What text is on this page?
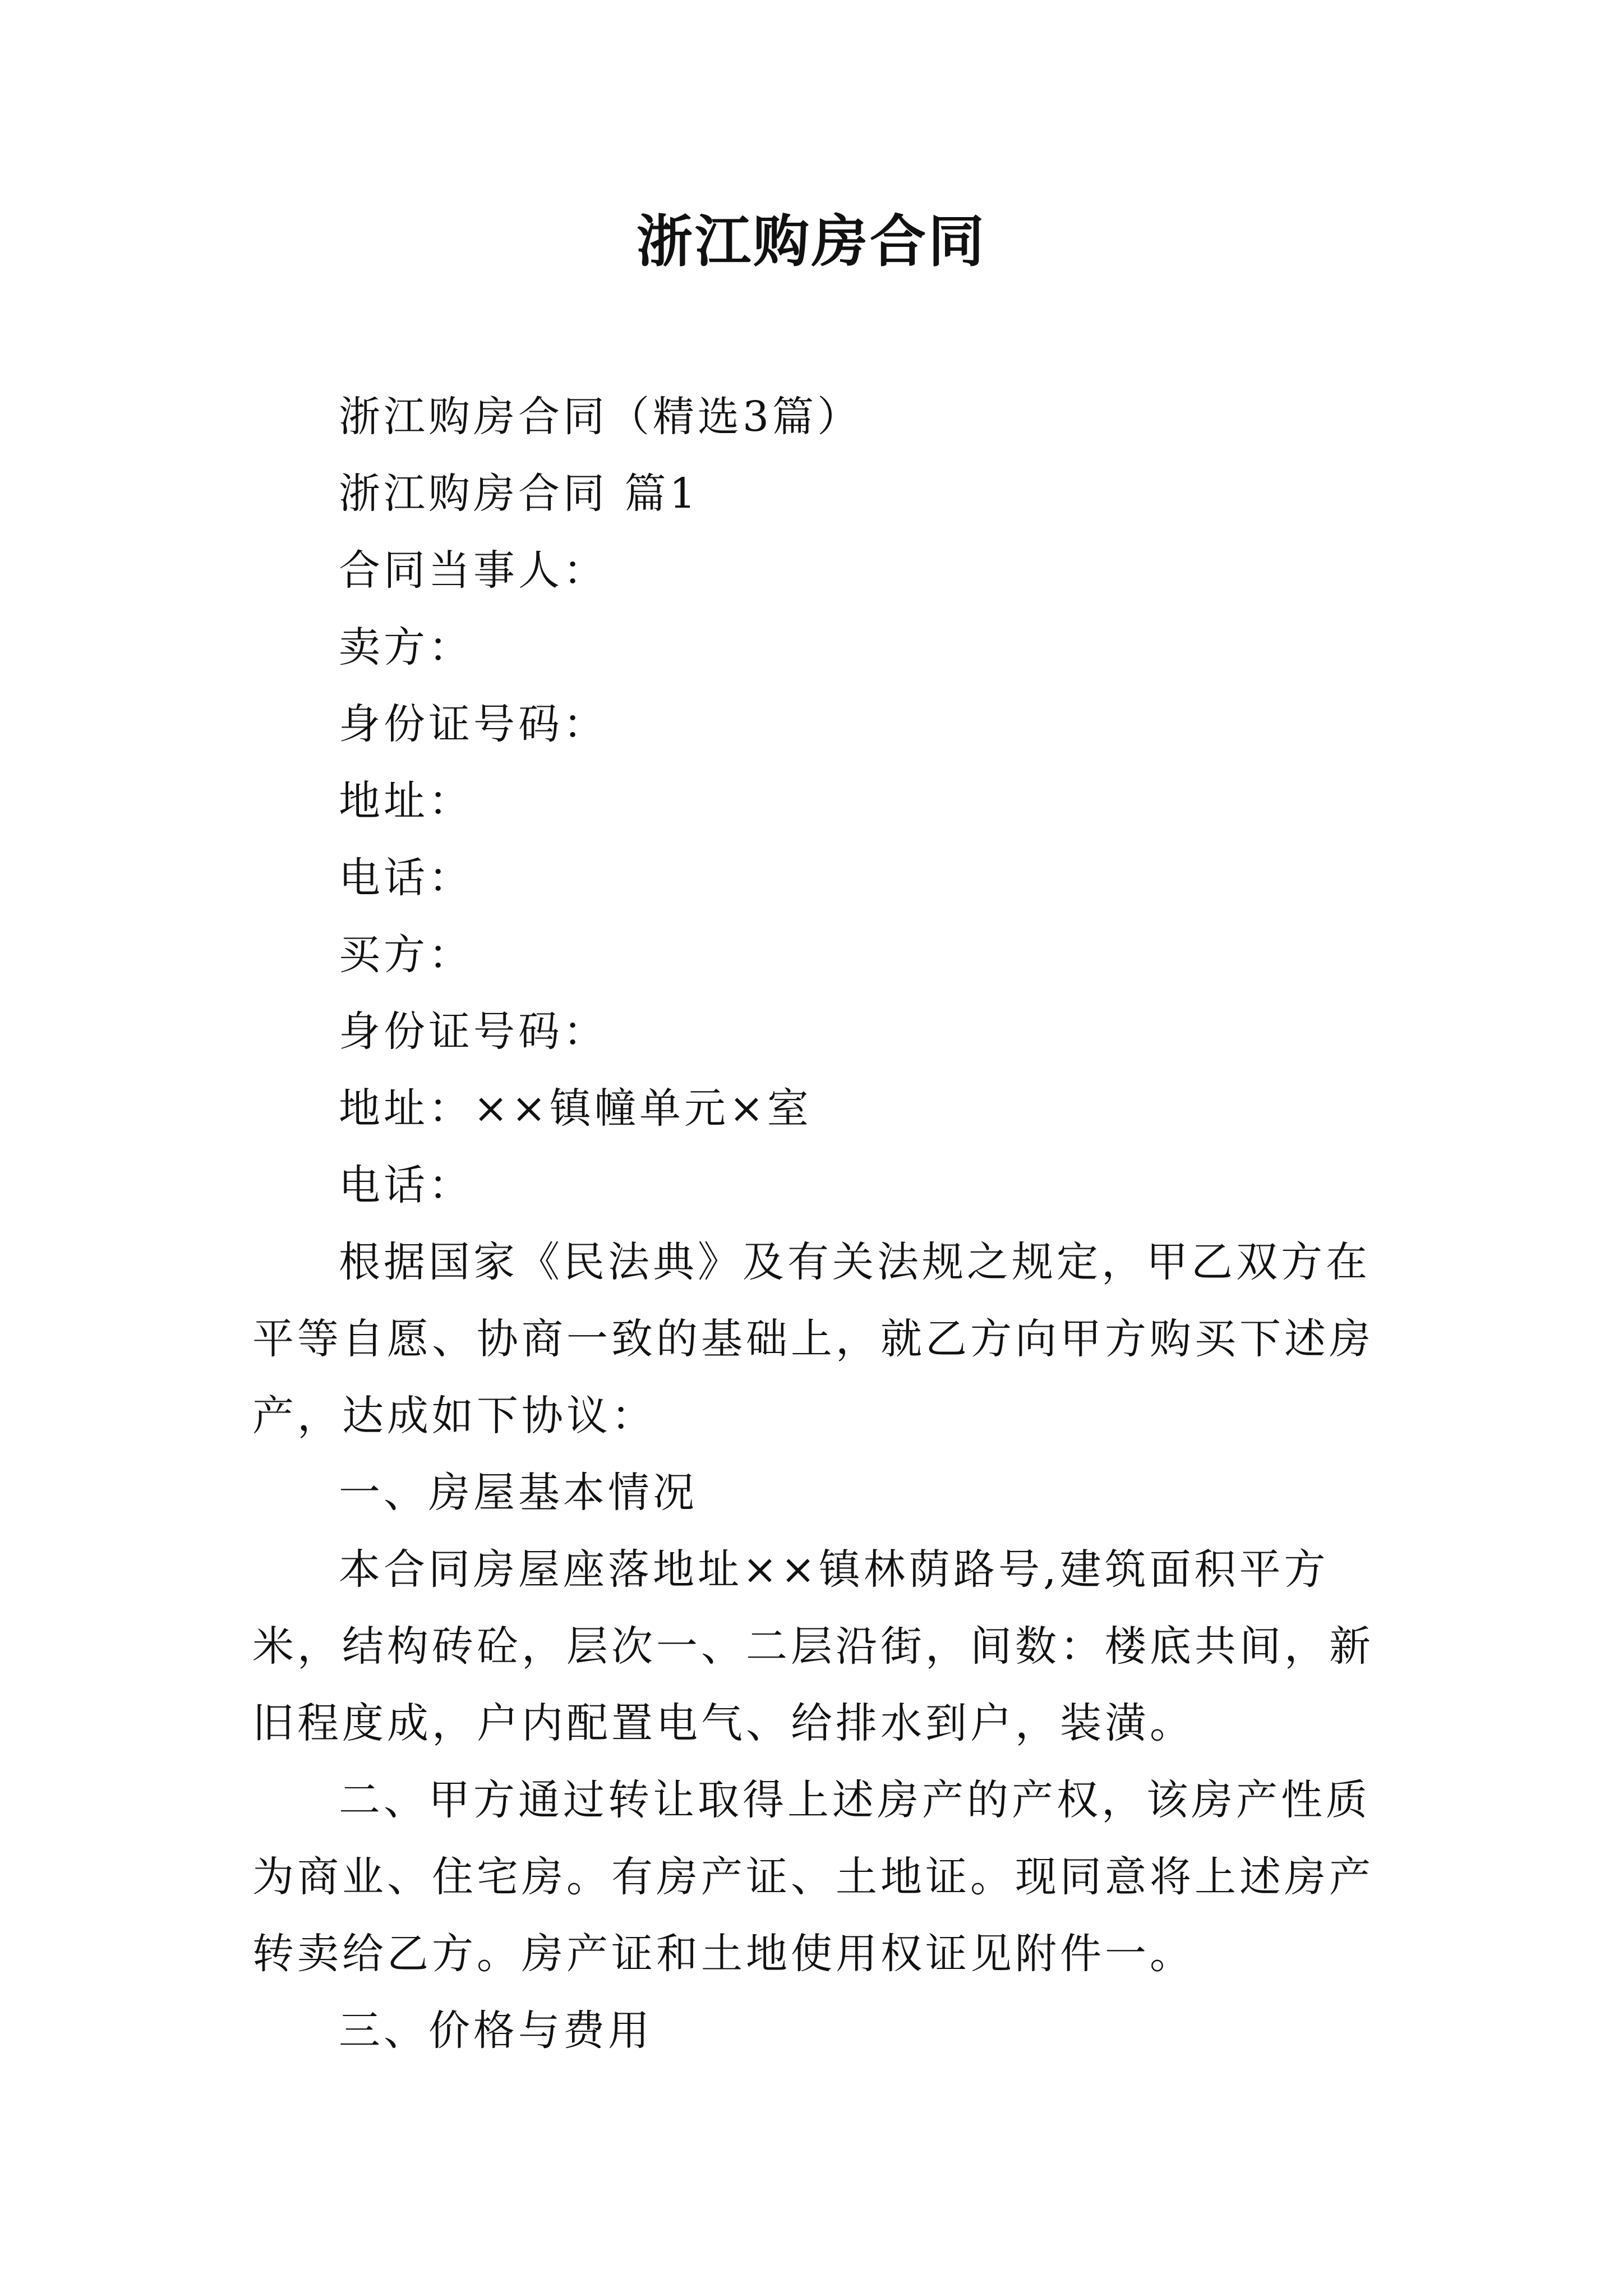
浙江购房合同

浙江购房合同（精选3篇）

浙江购房合同 篇1

合同当事人：

卖方：

身份证号码：

地址：

电话：

买方：

身份证号码：

地址：××镇幢单元×室

电话：

根据国家《民法典》及有关法规之规定，甲乙双方在平等自愿、协商一致的基础上，就乙方向甲方购买下述房产，达成如下协议：

一、房屋基本情况

本合同房屋座落地址××镇林荫路号,建筑面积平方米，结构砖砼，层次一、二层沿街，间数：楼底共间，新旧程度成，户内配置电气、给排水到户，装潢。

二、甲方通过转让取得上述房产的产权，该房产性质为商业、住宅房。有房产证、土地证。现同意将上述房产转卖给乙方。房产证和土地使用权证见附件一。

三、价格与费用
